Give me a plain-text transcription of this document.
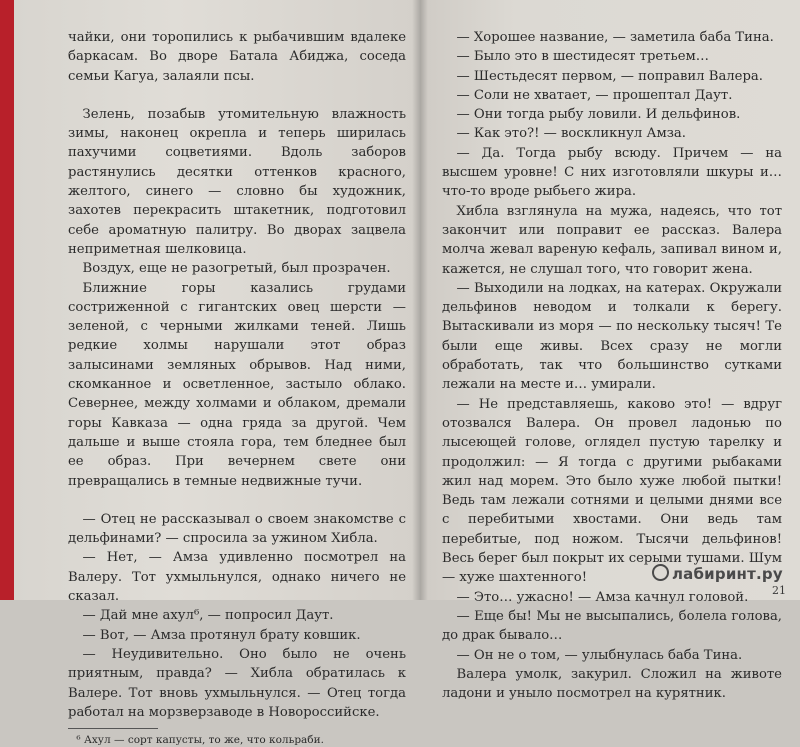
чайки, они торопились к рыбачившим вдалеке баркасам. Во дворе Батала Абиджа, соседа семьи Кагуа, залаяли псы.

Зелень, позабыв утомительную влажность зимы, наконец окрепла и теперь ширилась пахучими соцветиями. Вдоль заборов растянулись десятки оттенков красного, желтого, синего — словно бы художник, захотев перекрасить штакетник, подготовил себе ароматную палитру. Во дворах зацвела неприметная шелковица.

Воздух, еще не разогретый, был прозрачен.

Ближние горы казались грудами состриженной с гигантских овец шерсти — зеленой, с черными жилками теней. Лишь редкие холмы нарушали этот образ залысинами земляных обрывов. Над ними, скомканное и осветленное, застыло облако. Севернее, между холмами и облаком, дремали горы Кавказа — одна гряда за другой. Чем дальше и выше стояла гора, тем бледнее был ее образ. При вечернем свете они превращались в темные недвижные тучи.

— Отец не рассказывал о своем знакомстве с дельфинами? — спросила за ужином Хибла.

— Нет, — Амза удивленно посмотрел на Валеру. Тот ухмыльнулся, однако ничего не сказал.

— Дай мне ахул⁶, — попросил Даут.

— Вот, — Амза протянул брату ковшик.

— Неудивительно. Оно было не очень приятным, правда? — Хибла обратилась к Валере. Тот вновь ухмыльнулся. — Отец тогда работал на морзверзаводе в Новороссийске.

⁶ Ахул — сорт капусты, то же, что кольраби.

— Хорошее название, — заметила баба Тина.

— Было это в шестидесят третьем…

— Шестьдесят первом, — поправил Валера.

— Соли не хватает, — прошептал Даут.

— Они тогда рыбу ловили. И дельфинов.

— Как это?! — воскликнул Амза.

— Да. Тогда рыбу всюду. Причем — на высшем уровне! С них изготовляли шкуры и… что-то вроде рыбьего жира.

Хибла взглянула на мужа, надеясь, что тот закончит или поправит ее рассказ. Валера молча жевал вареную кефаль, запивал вином и, кажется, не слушал того, что говорит жена.

— Выходили на лодках, на катерах. Окружали дельфинов неводом и толкали к берегу. Вытаскивали из моря — по нескольку тысяч! Те были еще живы. Всех сразу не могли обработать, так что большинство сутками лежали на месте и… умирали.

— Не представляешь, каково это! — вдруг отозвался Валера. Он провел ладонью по лысеющей голове, оглядел пустую тарелку и продолжил: — Я тогда с другими рыбаками жил над морем. Это было хуже любой пытки! Ведь там лежали сотнями и целыми днями все с перебитыми хвостами. Они ведь там перебитые, под ножом. Тысячи дельфинов! Весь берег был покрыт их серыми тушами. Шум — хуже шахтенного!

— Это… ужасно! — Амза качнул головой.

— Еще бы! Мы не высыпались, болела голова, до драк бывало…

— Он не о том, — улыбнулась баба Тина.

Валера умолк, закурил. Сложил на животе ладони и уныло посмотрел на курятник.

лабиринт.ру
21
